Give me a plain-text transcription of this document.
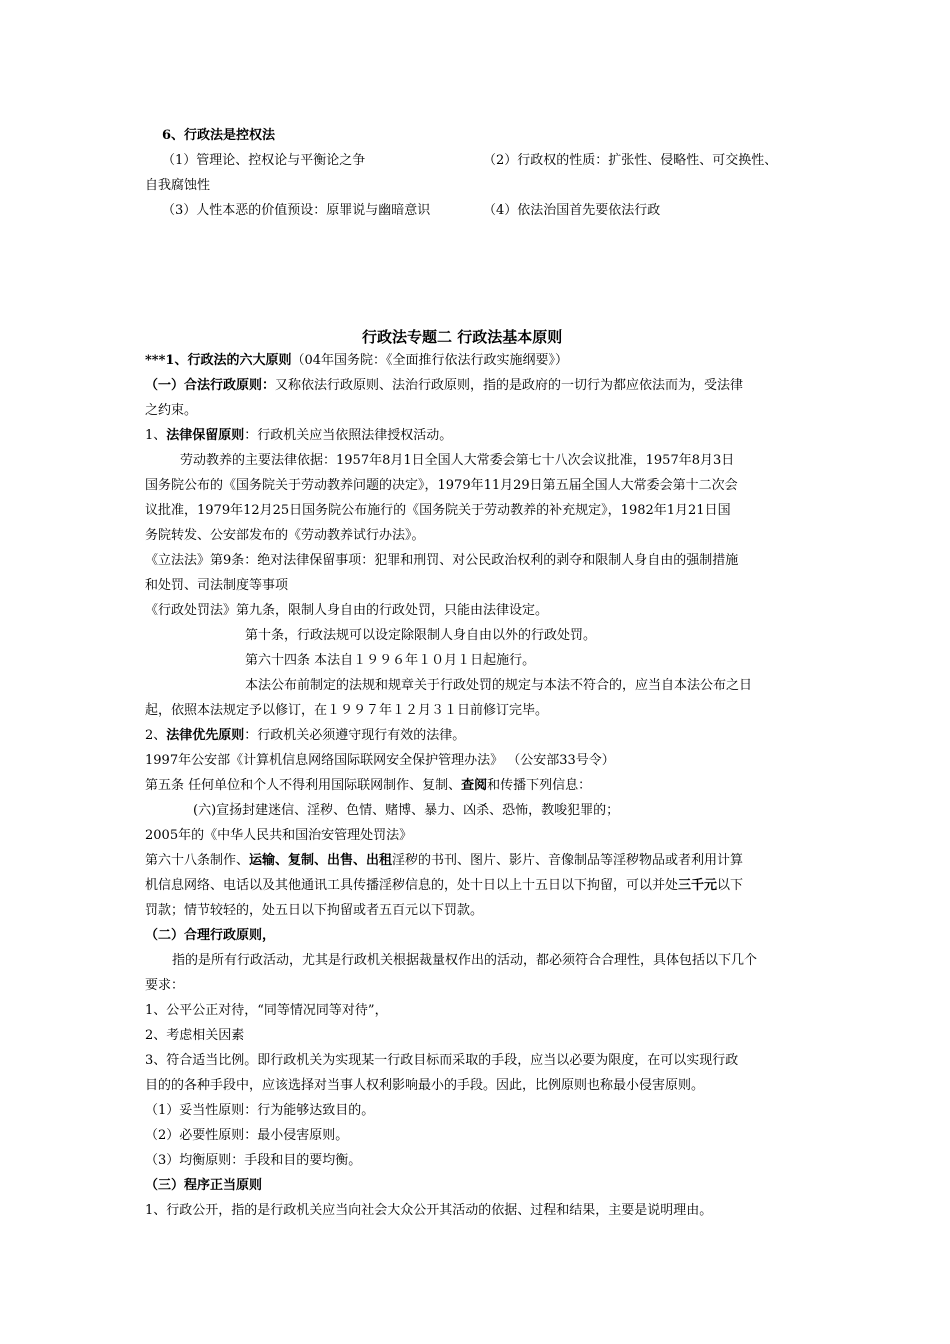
6、行政法是控权法
（1）管理论、控权论与平衡论之争	（2）行政权的性质：扩张性、侵略性、可交换性、
自我腐蚀性
（3）人性本恶的价值预设：原罪说与幽暗意识	（4）依法治国首先要依法行政
行政法专题二 行政法基本原则
***1、行政法的六大原则（04年国务院：《全面推行依法行政实施纲要》）
（一）合法行政原则：又称依法行政原则、法治行政原则，指的是政府的一切行为都应依法而为，受法律
之约束。
1、法律保留原则：行政机关应当依照法律授权活动。
劳动教养的主要法律依据：1957年8月1日全国人大常委会第七十八次会议批准，1957年8月3日
国务院公布的《国务院关于劳动教养问题的决定》，1979年11月29日第五届全国人大常委会第十二次会
议批准，1979年12月25日国务院公布施行的《国务院关于劳动教养的补充规定》，1982年1月21日国
务院转发、公安部发布的《劳动教养试行办法》。
《立法法》第9条：绝对法律保留事项：犯罪和刑罚、对公民政治权利的剥夺和限制人身自由的强制措施
和处罚、司法制度等事项
《行政处罚法》第九条，限制人身自由的行政处罚，只能由法律设定。
第十条，行政法规可以设定除限制人身自由以外的行政处罚。
第六十四条 本法自１９９６年１０月１日起施行。
本法公布前制定的法规和规章关于行政处罚的规定与本法不符合的，应当自本法公布之日
起，依照本法规定予以修订，在１９９７年１２月３１日前修订完毕。
2、法律优先原则：行政机关必须遵守现行有效的法律。
1997年公安部《计算机信息网络国际联网安全保护管理办法》 （公安部33号令）
第五条 任何单位和个人不得利用国际联网制作、复制、查阅和传播下列信息：
(六)宣扬封建迷信、淫秽、色情、赌博、暴力、凶杀、恐怖，教唆犯罪的；
2005年的《中华人民共和国治安管理处罚法》
第六十八条制作、运输、复制、出售、出租淫秽的书刊、图片、影片、音像制品等淫秽物品或者利用计算
机信息网络、电话以及其他通讯工具传播淫秽信息的，处十日以上十五日以下拘留，可以并处三千元以下
罚款；情节较轻的，处五日以下拘留或者五百元以下罚款。
（二）合理行政原则，
指的是所有行政活动，尤其是行政机关根据裁量权作出的活动，都必须符合合理性，具体包括以下几个
要求：
1、公平公正对待，“同等情况同等对待”，
2、考虑相关因素
3、符合适当比例。即行政机关为实现某一行政目标而采取的手段，应当以必要为限度，在可以实现行政
目的的各种手段中，应该选择对当事人权利影响最小的手段。因此，比例原则也称最小侵害原则。
（1）妥当性原则：行为能够达致目的。
（2）必要性原则：最小侵害原则。
（3）均衡原则：手段和目的要均衡。
（三）程序正当原则
1、行政公开，指的是行政机关应当向社会大众公开其活动的依据、过程和结果，主要是说明理由。
